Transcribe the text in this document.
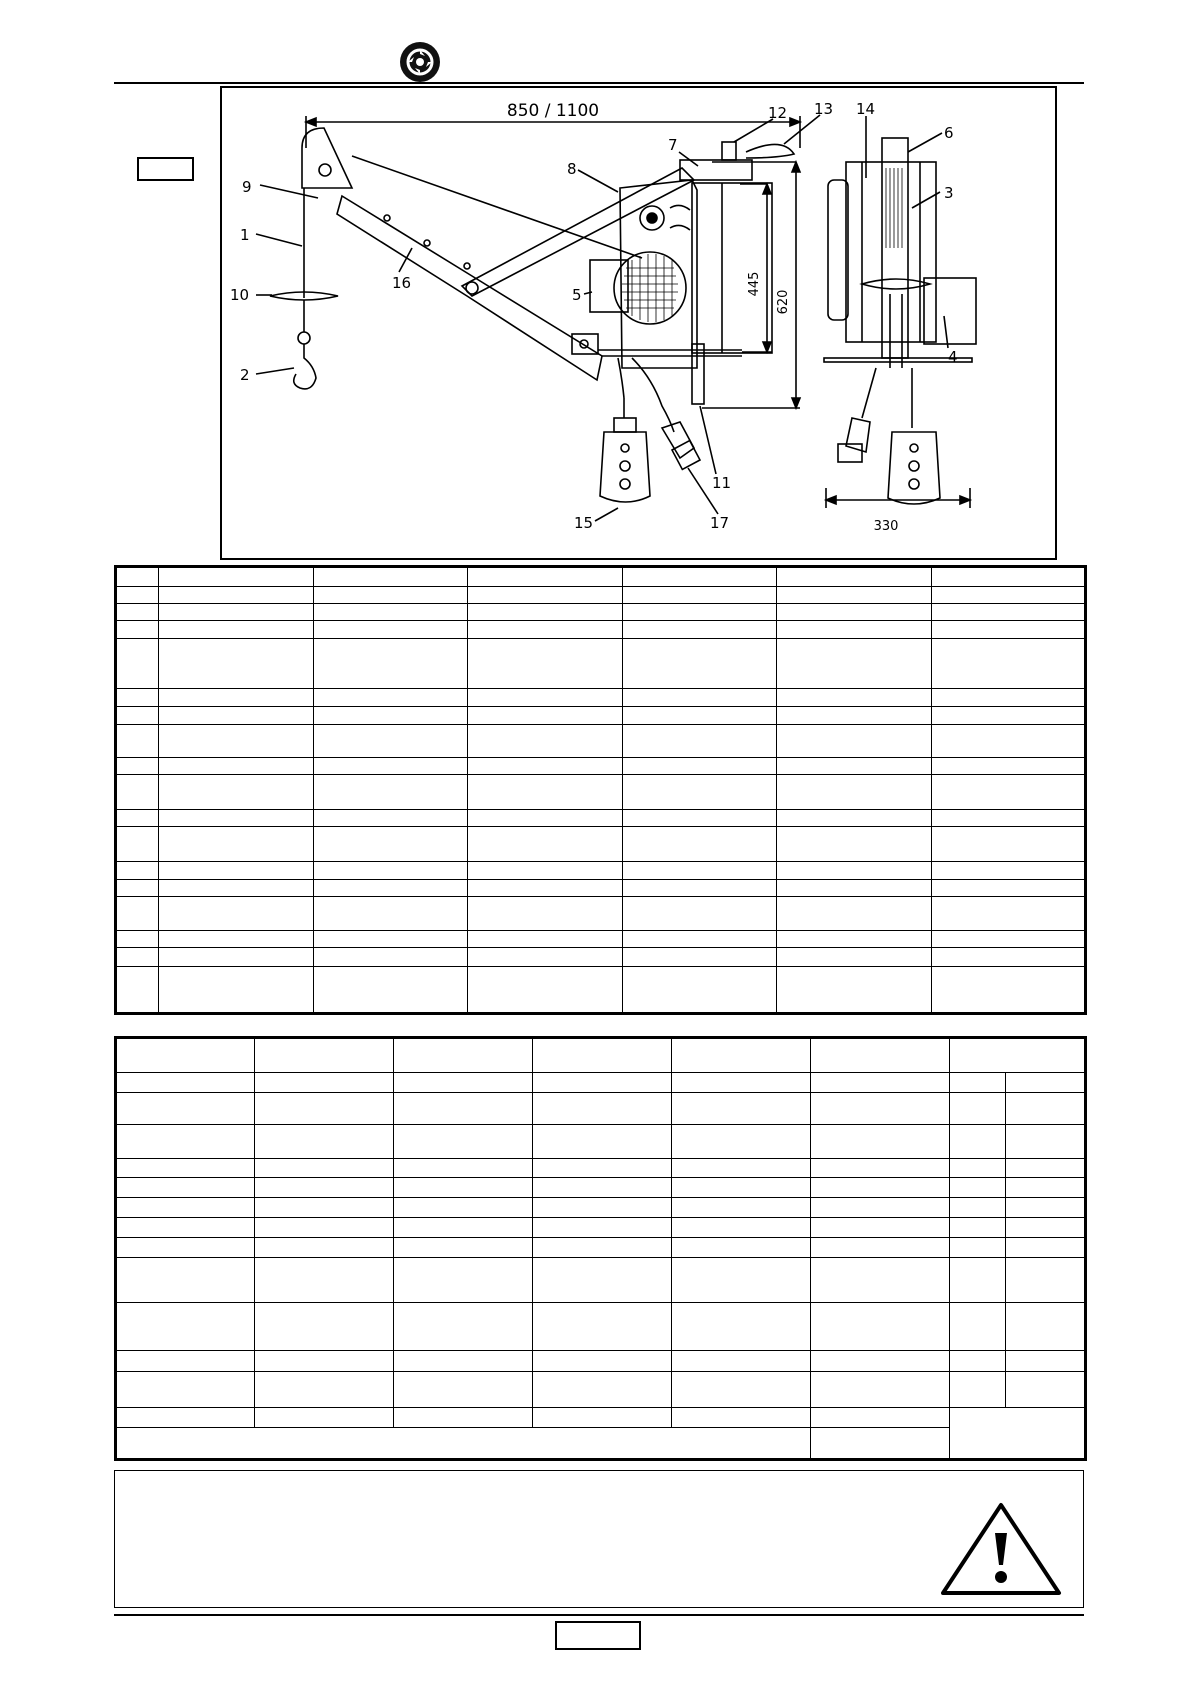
850 / 1100
445
620
330
1
2
3
4
5
6
7
8
9
10
11
12 13 14
15
16
17
